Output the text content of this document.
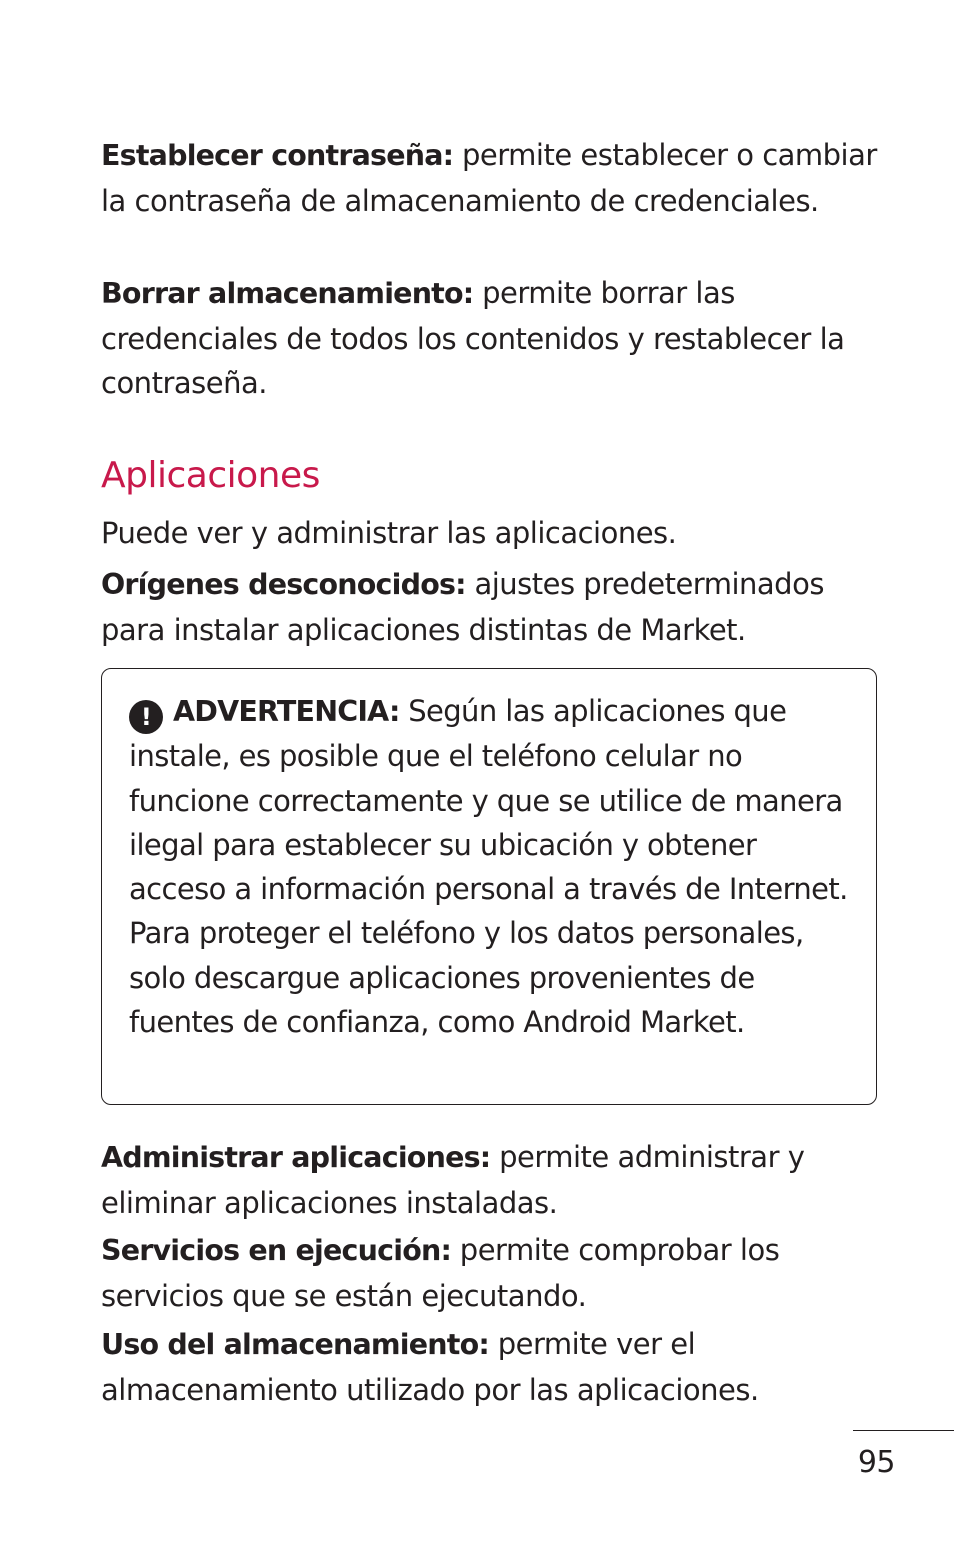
Establecer contraseña: permite establecer o cambiar la contraseña de almacenamiento de credenciales.

Borrar almacenamiento: permite borrar las credenciales de todos los contenidos y restablecer la contraseña.

Aplicaciones

Puede ver y administrar las aplicaciones.

Orígenes desconocidos: ajustes predeterminados para instalar aplicaciones distintas de Market.

! ADVERTENCIA: Según las aplicaciones que instale, es posible que el teléfono celular no funcione correctamente y que se utilice de manera ilegal para establecer su ubicación y obtener acceso a información personal a través de Internet.
Para proteger el teléfono y los datos personales, solo descargue aplicaciones provenientes de fuentes de confianza, como Android Market.

Administrar aplicaciones: permite administrar y eliminar aplicaciones instaladas.

Servicios en ejecución: permite comprobar los servicios que se están ejecutando.

Uso del almacenamiento: permite ver el almacenamiento utilizado por las aplicaciones.

95
